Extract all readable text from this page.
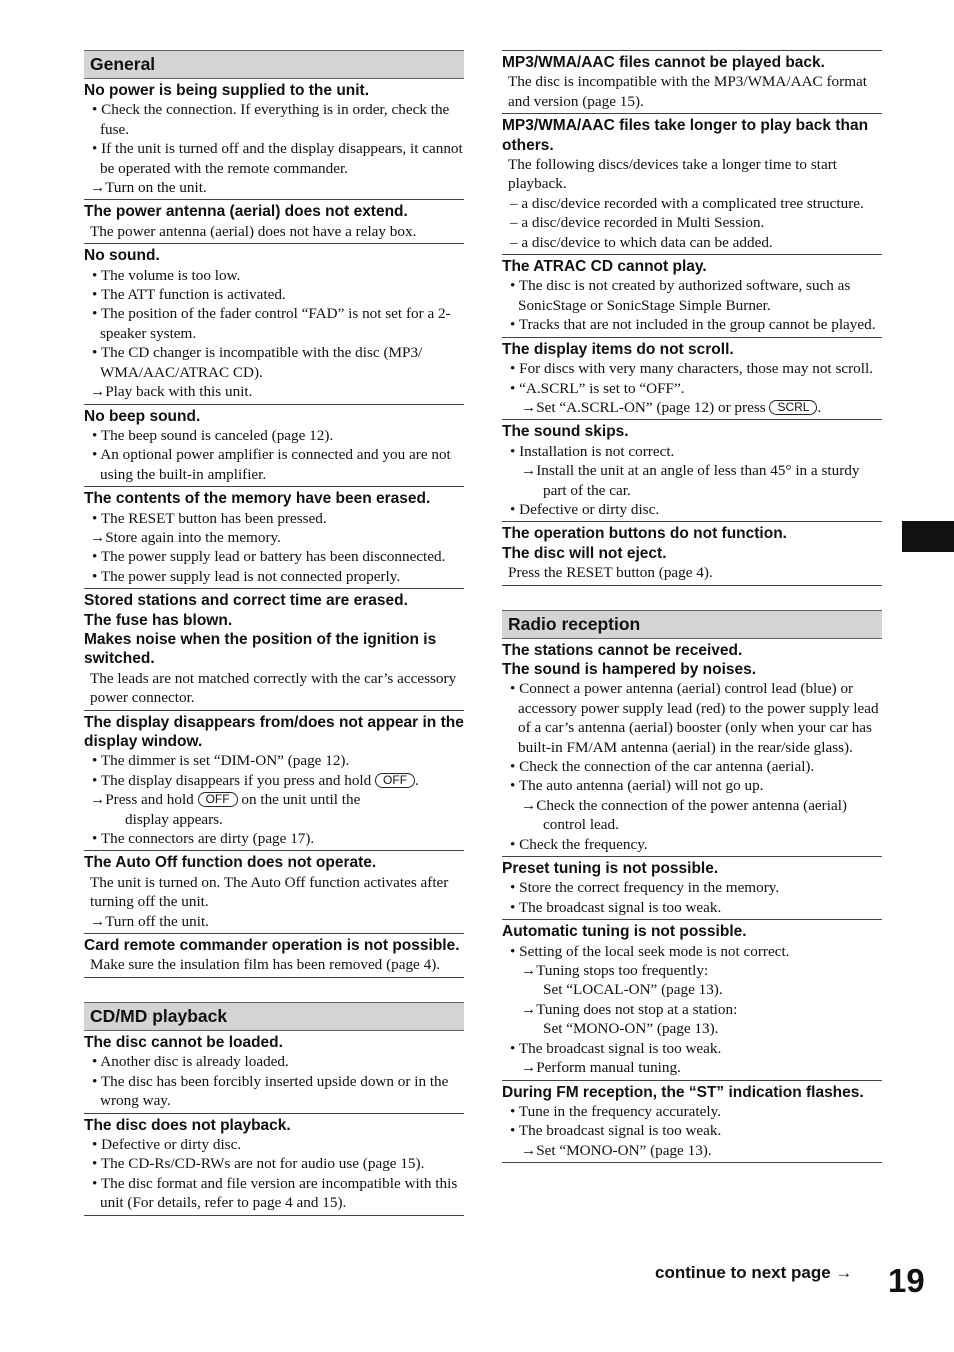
General
No power is being supplied to the unit.
• Check the connection. If everything is in order, check the fuse.
• If the unit is turned off and the display disappears, it cannot be operated with the remote commander.
→Turn on the unit.
The power antenna (aerial) does not extend.
The power antenna (aerial) does not have a relay box.
No sound.
• The volume is too low.
• The ATT function is activated.
• The position of the fader control “FAD” is not set for a 2-speaker system.
• The CD changer is incompatible with the disc (MP3/ WMA/AAC/ATRAC CD).
→Play back with this unit.
No beep sound.
• The beep sound is canceled (page 12).
• An optional power amplifier is connected and you are not using the built-in amplifier.
The contents of the memory have been erased.
• The RESET button has been pressed.
→Store again into the memory.
• The power supply lead or battery has been disconnected.
• The power supply lead is not connected properly.
Stored stations and correct time are erased.
The fuse has blown.
Makes noise when the position of the ignition is switched.
The leads are not matched correctly with the car’s accessory power connector.
The display disappears from/does not appear in the display window.
• The dimmer is set “DIM-ON” (page 12).
• The display disappears if you press and hold OFF .
→Press and hold OFF on the unit until the
display appears.
• The connectors are dirty (page 17).
The Auto Off function does not operate.
The unit is turned on. The Auto Off function activates after turning off the unit.
→Turn off the unit.
Card remote commander operation is not possible.
Make sure the insulation film has been removed (page 4).
CD/MD playback
The disc cannot be loaded.
• Another disc is already loaded.
• The disc has been forcibly inserted upside down or in the wrong way.
The disc does not playback.
• Defective or dirty disc.
• The CD-Rs/CD-RWs are not for audio use (page 15).
• The disc format and file version are incompatible with this unit (For details, refer to page 4 and 15).
MP3/WMA/AAC files cannot be played back.
The disc is incompatible with the MP3/WMA/AAC format and version (page 15).
MP3/WMA/AAC files take longer to play back than others.
The following discs/devices take a longer time to start playback.
– a disc/device recorded with a complicated tree structure.
– a disc/device recorded in Multi Session.
– a disc/device to which data can be added.
The ATRAC CD cannot play.
• The disc is not created by authorized software, such as SonicStage or SonicStage Simple Burner.
• Tracks that are not included in the group cannot be played.
The display items do not scroll.
• For discs with very many characters, those may not scroll.
• “A.SCRL” is set to “OFF”.
→Set “A.SCRL-ON” (page 12) or press SCRL .
The sound skips.
• Installation is not correct.
→Install the unit at an angle of less than 45° in a sturdy part of the car.
• Defective or dirty disc.
The operation buttons do not function.
The disc will not eject.
Press the RESET button (page 4).
Radio reception
The stations cannot be received.
The sound is hampered by noises.
• Connect a power antenna (aerial) control lead (blue) or accessory power supply lead (red) to the power supply lead of a car’s antenna (aerial) booster (only when your car has built-in FM/AM antenna (aerial) in the rear/side glass).
• Check the connection of the car antenna (aerial).
• The auto antenna (aerial) will not go up.
→Check the connection of the power antenna (aerial) control lead.
• Check the frequency.
Preset tuning is not possible.
• Store the correct frequency in the memory.
• The broadcast signal is too weak.
Automatic tuning is not possible.
• Setting of the local seek mode is not correct.
→Tuning stops too frequently:
Set “LOCAL-ON” (page 13).
→Tuning does not stop at a station:
Set “MONO-ON” (page 13).
• The broadcast signal is too weak.
→Perform manual tuning.
During FM reception, the “ST” indication flashes.
• Tune in the frequency accurately.
• The broadcast signal is too weak.
→Set “MONO-ON” (page 13).
continue to next page → 19
